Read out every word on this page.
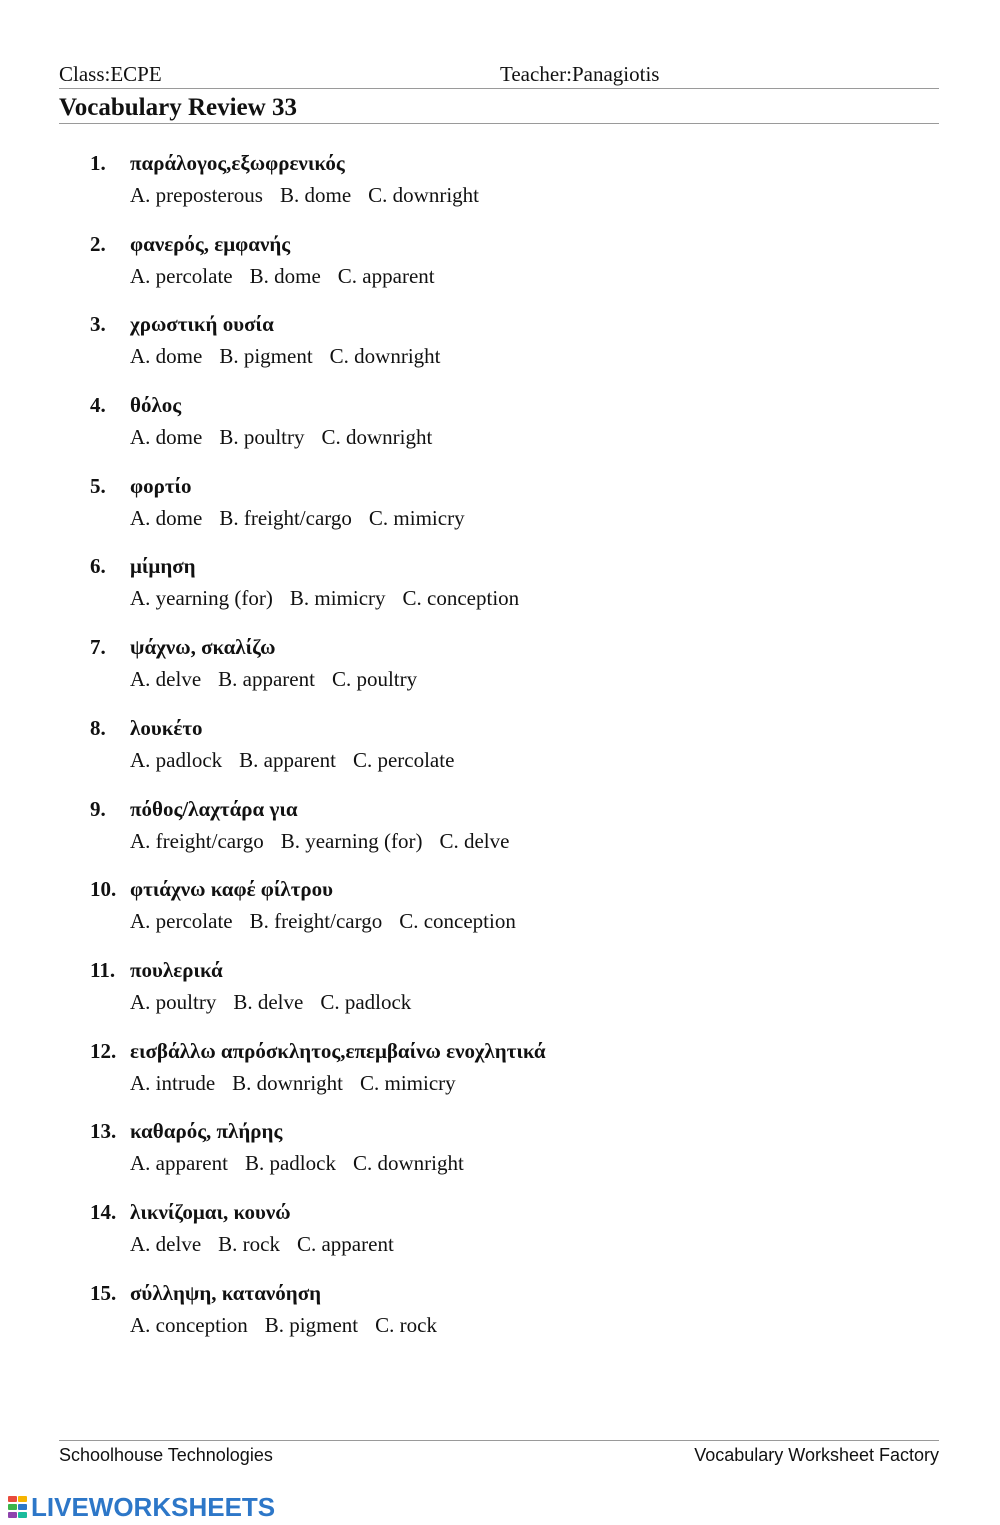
Class:ECPE	Teacher:Panagiotis
Vocabulary Review 33
1. παράλογος,εξωφρενικός
A. preposterous B. dome C. downright
2. φανερός, εμφανής
A. percolate B. dome C. apparent
3. χρωστική ουσία
A. dome B. pigment C. downright
4. θόλος
A. dome B. poultry C. downright
5. φορτίο
A. dome B. freight/cargo C. mimicry
6. μίμηση
A. yearning (for) B. mimicry C. conception
7. ψάχνω, σκαλίζω
A. delve B. apparent C. poultry
8. λουκέτο
A. padlock B. apparent C. percolate
9. πόθος/λαχτάρα για
A. freight/cargo B. yearning (for) C. delve
10. φτιάχνω καφέ φίλτρου
A. percolate B. freight/cargo C. conception
11. πουλερικά
A. poultry B. delve C. padlock
12. εισβάλλω απρόσκλητος,επεμβαίνω ενοχλητικά
A. intrude B. downright C. mimicry
13. καθαρός, πλήρης
A. apparent B. padlock C. downright
14. λικνίζομαι, κουνώ
A. delve B. rock C. apparent
15. σύλληψη, κατανόηση
A. conception B. pigment C. rock
Schoolhouse Technologies	Vocabulary Worksheet Factory
LIVEWORKSHEETS
